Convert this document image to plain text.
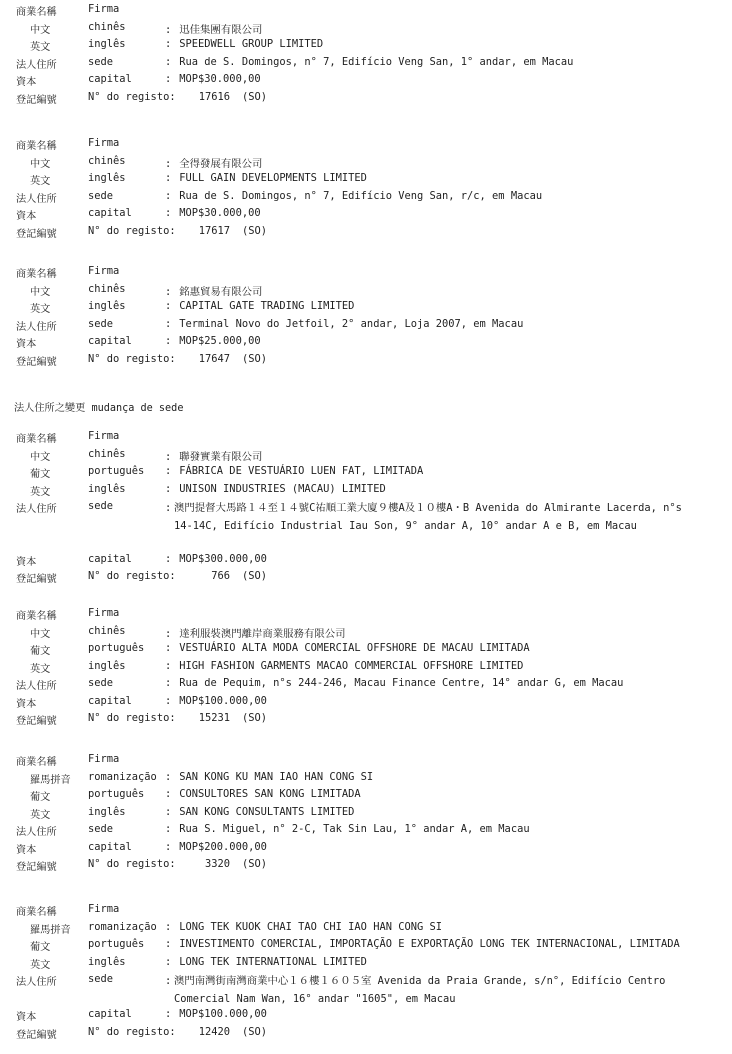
法人住所之變更 mudança de sede
商業名稱	Firma
中文	chinês	: 迅佳集團有限公司
英文	inglês	: SPEEDWELL GROUP LIMITED
法人住所	sede	: Rua de S. Domingos, n° 7, Edifício Veng San, 1° andar, em Macau
資本	capital	: MOP$30.000,00
登記編號	N° do registo:	17616 (SO)
商業名稱	Firma
中文	chinês	: 全得發展有限公司
英文	inglês	: FULL GAIN DEVELOPMENTS LIMITED
法人住所	sede	: Rua de S. Domingos, n° 7, Edifício Veng San, r/c, em Macau
資本	capital	: MOP$30.000,00
登記編號	N° do registo:	17617 (SO)
商業名稱	Firma
中文	chinês	: 銘惠貿易有限公司
英文	inglês	: CAPITAL GATE TRADING LIMITED
法人住所	sede	: Terminal Novo do Jetfoil, 2° andar, Loja 2007, em Macau
資本	capital	: MOP$25.000,00
登記編號	N° do registo:	17647 (SO)
商業名稱	Firma
中文	chinês	: 聯發實業有限公司
葡文	português : FÁBRICA DE VESTUÁRIO LUEN FAT, LIMITADA
英文	inglês	: UNISON INDUSTRIES (MACAU) LIMITED
法人住所	sede	: 澳門提督大馬路１４至１４號C祐順工業大廈９樓A及１０樓A・B Avenida do Almirante Lacerda, n°s 14-14C, Edifício Industrial Iau Son, 9° andar A, 10° andar A e B, em Macau
資本	capital	: MOP$300.000,00
登記編號	N° do registo:	766 (SO)
商業名稱	Firma
中文	chinês	: 達利服裝澳門離岸商業服務有限公司
葡文	português : VESTUÁRIO ALTA MODA COMERCIAL OFFSHORE DE MACAU LIMITADA
英文	inglês	: HIGH FASHION GARMENTS MACAO COMMERCIAL OFFSHORE LIMITED
法人住所	sede	: Rua de Pequim, n°s 244-246, Macau Finance Centre, 14° andar G, em Macau
資本	capital	: MOP$100.000,00
登記編號	N° do registo:	15231 (SO)
商業名稱	Firma
羅馬拼音 romanização : SAN KONG KU MAN IAO HAN CONG SI
葡文	português : CONSULTORES SAN KONG LIMITADA
英文	inglês	: SAN KONG CONSULTANTS LIMITED
法人住所	sede	: Rua S. Miguel, n° 2-C, Tak Sin Lau, 1° andar A, em Macau
資本	capital	: MOP$200.000,00
登記編號	N° do registo:	3320 (SO)
商業名稱	Firma
羅馬拼音 romanização : LONG TEK KUOK CHAI TAO CHI IAO HAN CONG SI
葡文	português : INVESTIMENTO COMERCIAL, IMPORTAÇÃO E EXPORTAÇÃO LONG TEK INTERNACIONAL, LIMITADA
英文	inglês	: LONG TEK INTERNATIONAL LIMITED
法人住所	sede	: 澳門南灣街南灣商業中心１６樓１６０５室 Avenida da Praia Grande, s/n°, Edifício Centro Comercial Nam Wan, 16° andar "1605", em Macau
資本	capital	: MOP$100.000,00
登記編號	N° do registo:	12420 (SO)
